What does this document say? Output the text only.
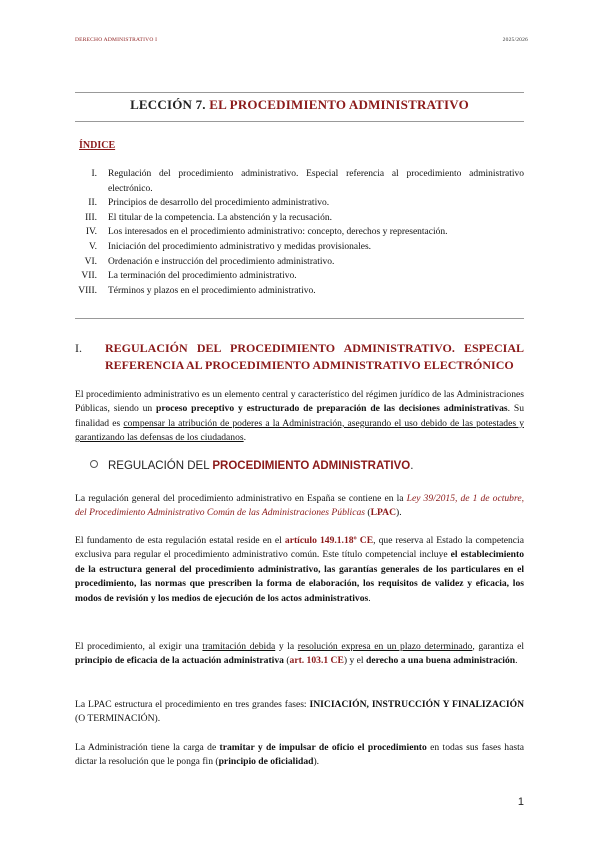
DERECHO ADMINISTRATIVO I	2025/2026
LECCIÓN 7. EL PROCEDIMIENTO ADMINISTRATIVO
ÍNDICE
I. Regulación del procedimiento administrativo. Especial referencia al procedimiento administrativo electrónico.
II. Principios de desarrollo del procedimiento administrativo.
III. El titular de la competencia. La abstención y la recusación.
IV. Los interesados en el procedimiento administrativo: concepto, derechos y representación.
V. Iniciación del procedimiento administrativo y medidas provisionales.
VI. Ordenación e instrucción del procedimiento administrativo.
VII. La terminación del procedimiento administrativo.
VIII. Términos y plazos en el procedimiento administrativo.
I.	REGULACIÓN DEL PROCEDIMIENTO ADMINISTRATIVO. ESPECIAL REFERENCIA AL PROCEDIMIENTO ADMINISTRATIVO ELECTRÓNICO
El procedimiento administrativo es un elemento central y característico del régimen jurídico de las Administraciones Públicas, siendo un proceso preceptivo y estructurado de preparación de las decisiones administrativas. Su finalidad es compensar la atribución de poderes a la Administración, asegurando el uso debido de las potestades y garantizando las defensas de los ciudadanos.
REGULACIÓN DEL PROCEDIMIENTO ADMINISTRATIVO.
La regulación general del procedimiento administrativo en España se contiene en la Ley 39/2015, de 1 de octubre, del Procedimiento Administrativo Común de las Administraciones Públicas (LPAC).
El fundamento de esta regulación estatal reside en el artículo 149.1.18º CE, que reserva al Estado la competencia exclusiva para regular el procedimiento administrativo común. Este título competencial incluye el establecimiento de la estructura general del procedimiento administrativo, las garantías generales de los particulares en el procedimiento, las normas que prescriben la forma de elaboración, los requisitos de validez y eficacia, los modos de revisión y los medios de ejecución de los actos administrativos.
El procedimiento, al exigir una tramitación debida y la resolución expresa en un plazo determinado, garantiza el principio de eficacia de la actuación administrativa (art. 103.1 CE) y el derecho a una buena administración.
La LPAC estructura el procedimiento en tres grandes fases: INICIACIÓN, INSTRUCCIÓN Y FINALIZACIÓN (O TERMINACIÓN).
La Administración tiene la carga de tramitar y de impulsar de oficio el procedimiento en todas sus fases hasta dictar la resolución que le ponga fin (principio de oficialidad).
1
